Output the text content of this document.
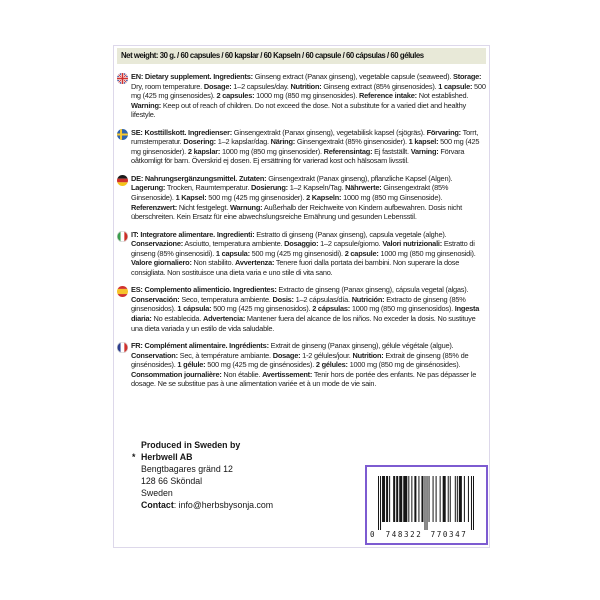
Net weight: 30 g. / 60 capsules / 60 kapslar / 60 Kapseln / 60 capsule / 60 cápsulas / 60 gélules

EN: Dietary supplement. Ingredients: Ginseng extract (Panax ginseng), vegetable capsule (seaweed). Storage: Dry, room temperature. Dosage: 1–2 capsules/day. Nutrition: Ginseng extract (85% ginsenosides). 1 capsule: 500 mg (425 mg ginsenosides). 2 capsules: 1000 mg (850 mg ginsenosides). Reference intake: Not established. Warning: Keep out of reach of children. Do not exceed the dose. Not a substitute for a varied diet and healthy lifestyle.

SE: Kosttillskott. Ingredienser: Ginsengextrakt (Panax ginseng), vegetabilisk kapsel (sjögräs). Förvaring: Torrt, rumstemperatur. Dosering: 1–2 kapslar/dag. Näring: Ginsengextrakt (85% ginsenosider). 1 kapsel: 500 mg (425 mg ginsenosider). 2 kapslar: 1000 mg (850 mg ginsenosider). Referensintag: Ej fastställt. Varning: Förvara oåtkomligt för barn. Överskrid ej dosen. Ej ersättning för varierad kost och hälsosam livsstil.

DE: Nahrungsergänzungsmittel. Zutaten: Ginsengextrakt (Panax ginseng), pflanzliche Kapsel (Algen). Lagerung: Trocken, Raumtemperatur. Dosierung: 1–2 Kapseln/Tag. Nährwerte: Ginsengextrakt (85% Ginsenoside). 1 Kapsel: 500 mg (425 mg ginsenosider). 2 Kapseln: 1000 mg (850 mg Ginsenoside). Referenzwert: Nicht festgelegt. Warnung: Außerhalb der Reichweite von Kindern aufbewahren. Dosis nicht überschreiten. Kein Ersatz für eine abwechslungsreiche Ernährung und gesunden Lebensstil.

IT: Integratore alimentare. Ingredienti: Estratto di ginseng (Panax ginseng), capsula vegetale (alghe). Conservazione: Asciutto, temperatura ambiente. Dosaggio: 1–2 capsule/giorno. Valori nutrizionali: Estratto di ginseng (85% ginsenosidi). 1 capsula: 500 mg (425 mg ginsenosidi). 2 capsule: 1000 mg (850 mg ginsenosidi). Valore giornaliero: Non stabilito. Avvertenza: Tenere fuori dalla portata dei bambini. Non superare la dose consigliata. Non sostituisce una dieta varia e uno stile di vita sano.

ES: Complemento alimenticio. Ingredientes: Extracto de ginseng (Panax ginseng), cápsula vegetal (algas). Conservación: Seco, temperatura ambiente. Dosis: 1–2 cápsulas/día. Nutrición: Extracto de ginseng (85% ginsenosidos). 1 cápsula: 500 mg (425 mg ginsenosidos). 2 cápsulas: 1000 mg (850 mg ginsenosidos). Ingesta diaria: No establecida. Advertencia: Mantener fuera del alcance de los niños. No exceder la dosis. No sustituye una dieta variada y un estilo de vida saludable.

FR: Complément alimentaire. Ingrédients: Extrait de ginseng (Panax ginseng), gélule végétale (algue). Conservation: Sec, à température ambiante. Dosage: 1-2 gélules/jour. Nutrition: Extrait de ginseng (85% de ginsénosides). 1 gélule: 500 mg (425 mg de ginsénosides). 2 gélules: 1000 mg (850 mg de ginsénosides). Consommation journalière: Non établie. Avertissement: Tenir hors de portée des enfants. Ne pas dépasser le dosage. Ne se substitue pas à une alimentation variée et à un mode de vie sain.

Produced in Sweden by
* Herbwell AB
Bengtbagares gränd 12
128 66 Sköndal
Sweden
Contact: info@herbsbysonja.com
0	748322	770347
